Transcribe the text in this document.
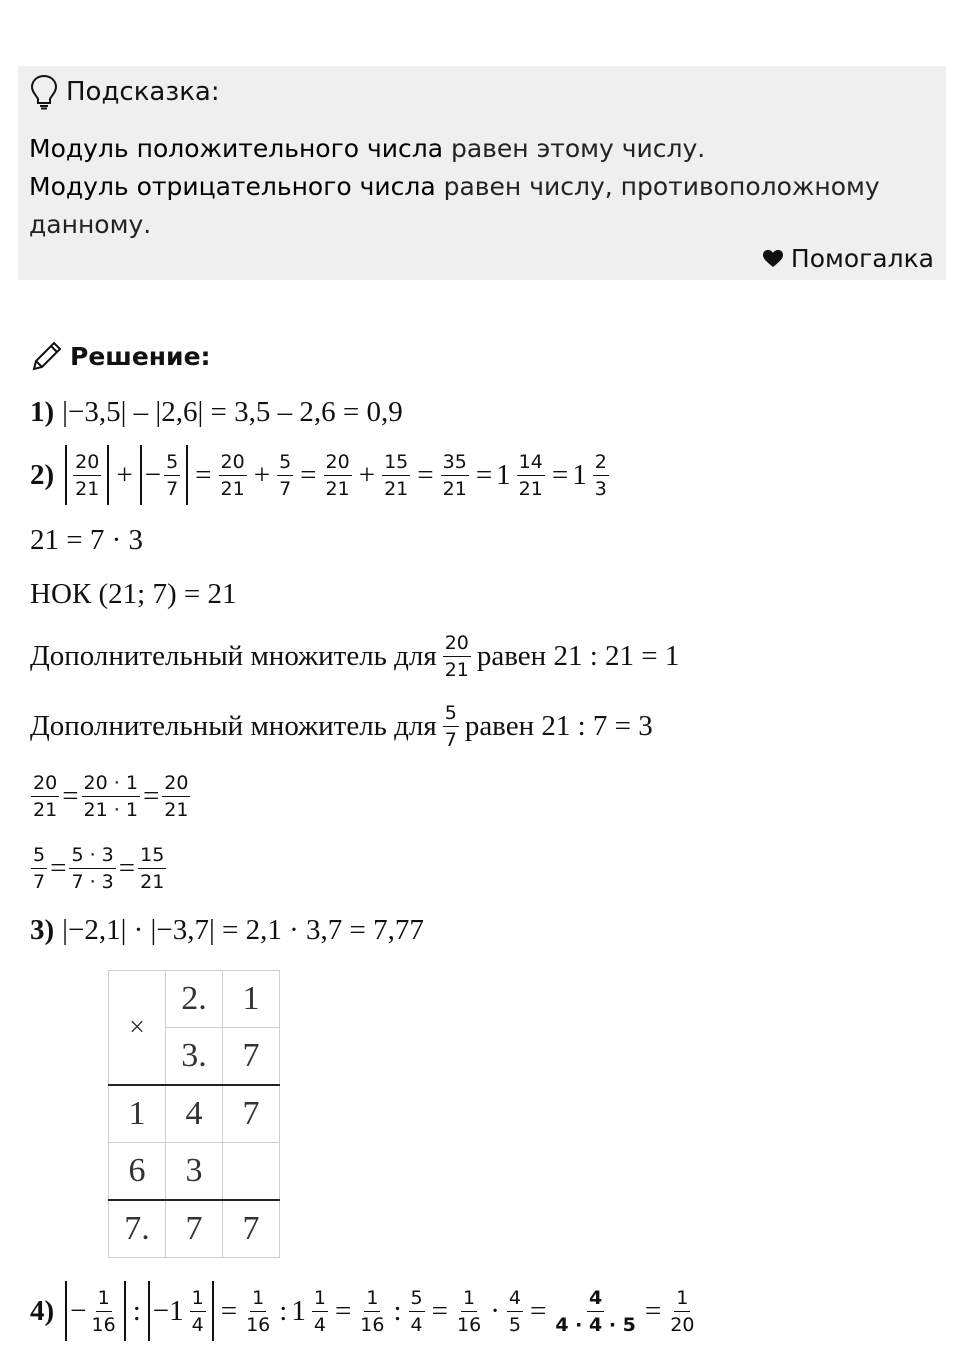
Подсказка:
Модуль положительного числа равен этому числу.
Модуль отрицательного числа равен числу, противоположному данному.
Помогалка
Решение:
1) |−3,5| – |2,6| = 3,5 – 2,6 = 0,9
$2) \frac{20}{21}$ + − $\frac{5}{7} = \frac{20}{21} + \frac{5}{7} = \frac{20}{21} + \frac{15}{21} = \frac{35}{21} = 1 \frac{14}{21} = 1 \frac{2}{3}$
21 = 7 · 3
НОК (21; 7) = 21
Дополнительный множитель для $\frac{20}{21}$ равен 21 : 21 = 1
Дополнительный множитель для $\frac{5}{7}$ равен 21 : 7 = 3
$\frac{20}{21} = \frac{20 \cdot 1}{21 \cdot 1} = \frac{20}{21}$
$\frac{5}{7} = \frac{5 \cdot 3}{7 \cdot 3} = \frac{15}{21}$
3) |−2,1| · |−3,7| = 2,1 · 3,7 = 7,77
×	2.	1
	3.	7
1	4	7
6	3	
7.	7	7
$4) - \frac{1}{16}$ : − $1 \frac{1}{4} = \frac{1}{16}$ : $1 \frac{1}{4} = \frac{1}{16}$ : $\frac{5}{4} = \frac{1}{16} \cdot \frac{4}{5} = \frac{4}{4 \cdot 4 \cdot 5} = \frac{1}{20}$
